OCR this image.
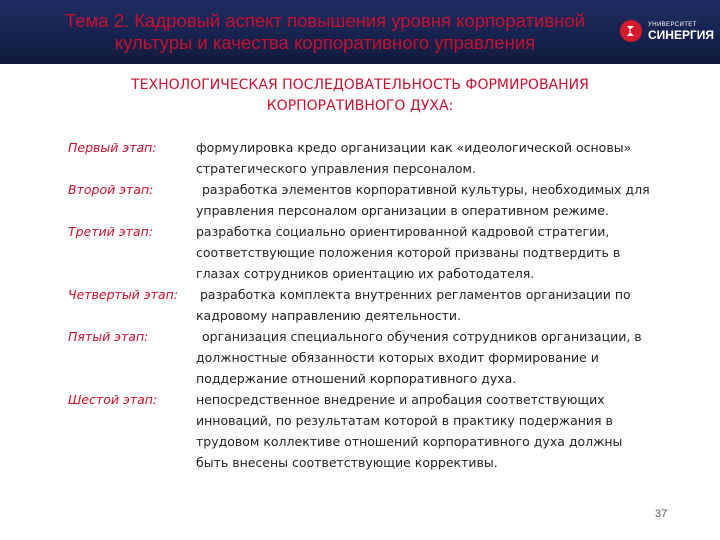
Тема 2. Кадровый аспект повышения уровня корпоративной
культуры и качества корпоративного управления
УНИВЕРСИТЕТ
СИНЕРГИЯ
ТЕХНОЛОГИЧЕСКАЯ ПОСЛЕДОВАТЕЛЬНОСТЬ ФОРМИРОВАНИЯ
КОРПОРАТИВНОГО ДУХА:
Первый этап:	формулировка кредо организации как «идеологической основы»
стратегического управления персоналом.
Второй этап:	разработка элементов корпоративной культуры, необходимых для
управления персоналом организации в оперативном режиме.
Третий этап:	разработка социально ориентированной кадровой стратегии,
соответствующие положения которой призваны подтвердить в
глазах сотрудников ориентацию их работодателя.
Четвертый этап: разработка комплекта внутренних регламентов организации по
кадровому направлению деятельности.
Пятый этап:	организация специального обучения сотрудников организации, в
должностные обязанности которых входит формирование и
поддержание отношений корпоративного духа.
Шестой этап:	непосредственное внедрение и апробация соответствующих
инноваций, по результатам которой в практику подержания в
трудовом коллективе отношений корпоративного духа должны
быть внесены соответствующие коррективы.
37
